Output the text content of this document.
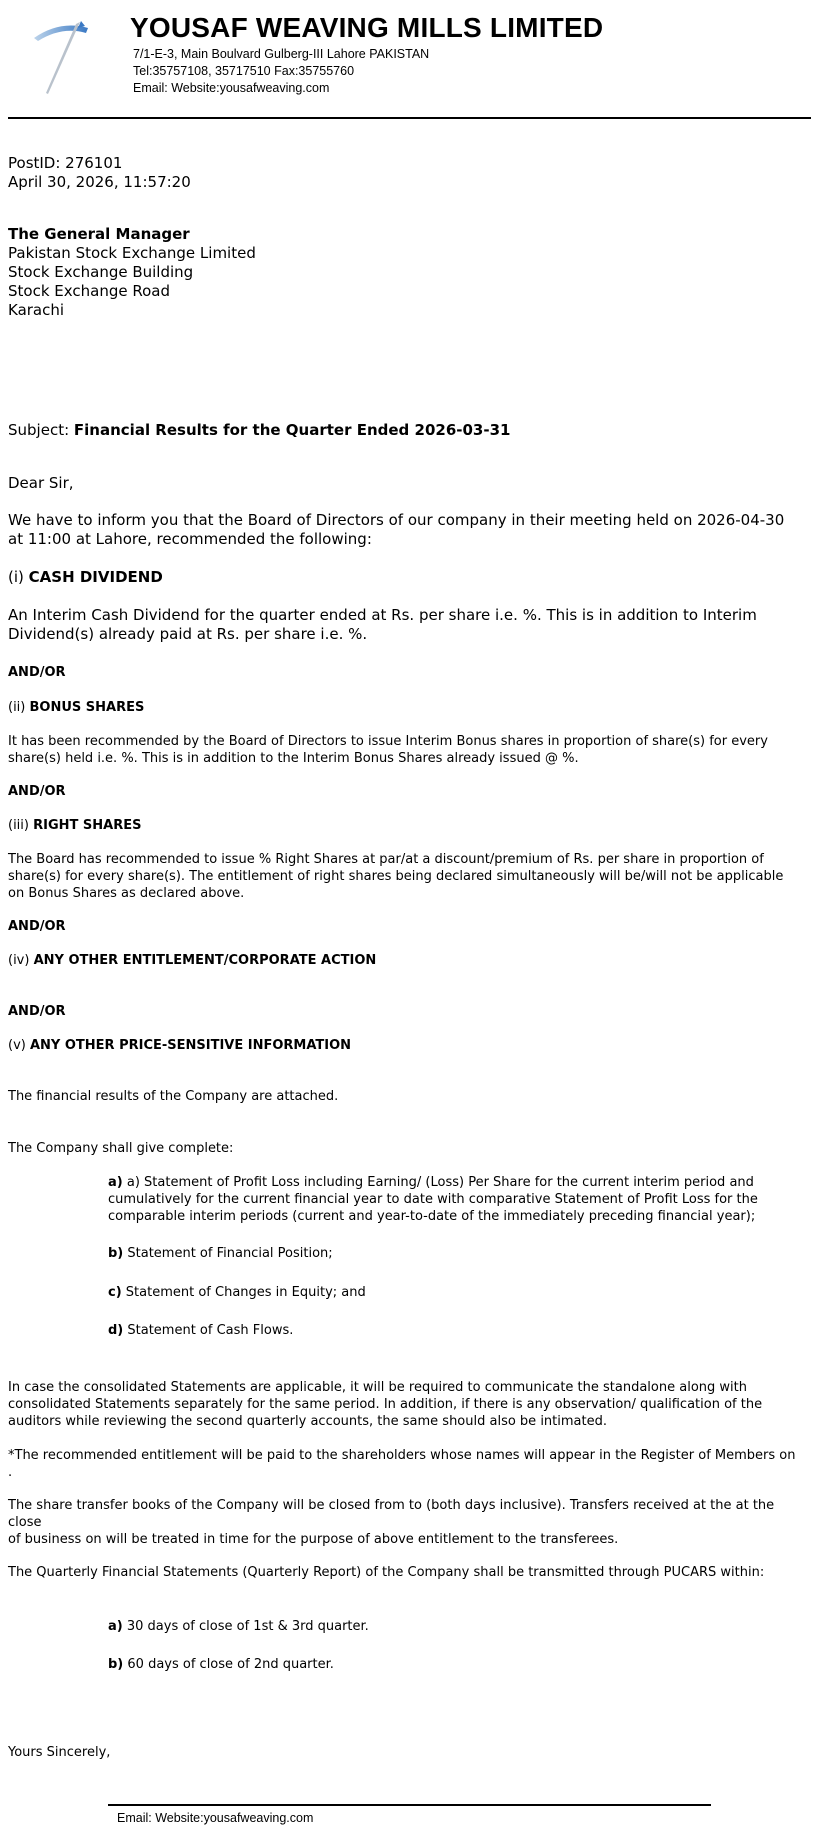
YOUSAF WEAVING MILLS LIMITED
7/1-E-3, Main Boulvard Gulberg-III Lahore PAKISTAN
Tel:35757108, 35717510 Fax:35755760
Email: Website:yousafweaving.com
PostID: 276101
April 30, 2026, 11:57:20
The General Manager
Pakistan Stock Exchange Limited
Stock Exchange Building
Stock Exchange Road
Karachi
Subject: Financial Results for the Quarter Ended 2026-03-31
Dear Sir,
We have to inform you that the Board of Directors of our company in their meeting held on 2026-04-30 at 11:00 at Lahore, recommended the following:
(i) CASH DIVIDEND
An Interim Cash Dividend for the quarter ended at Rs. per share i.e. %. This is in addition to Interim Dividend(s) already paid at Rs. per share i.e. %.
AND/OR
(ii) BONUS SHARES
It has been recommended by the Board of Directors to issue Interim Bonus shares in proportion of share(s) for every share(s) held i.e. %. This is in addition to the Interim Bonus Shares already issued @ %.
AND/OR
(iii) RIGHT SHARES
The Board has recommended to issue % Right Shares at par/at a discount/premium of Rs. per share in proportion of share(s) for every share(s). The entitlement of right shares being declared simultaneously will be/will not be applicable on Bonus Shares as declared above.
AND/OR
(iv) ANY OTHER ENTITLEMENT/CORPORATE ACTION
AND/OR
(v) ANY OTHER PRICE-SENSITIVE INFORMATION
The financial results of the Company are attached.
The Company shall give complete:
a) a) Statement of Profit Loss including Earning/ (Loss) Per Share for the current interim period and cumulatively for the current financial year to date with comparative Statement of Profit Loss for the comparable interim periods (current and year-to-date of the immediately preceding financial year);
b) Statement of Financial Position;
c) Statement of Changes in Equity; and
d) Statement of Cash Flows.
In case the consolidated Statements are applicable, it will be required to communicate the standalone along with consolidated Statements separately for the same period. In addition, if there is any observation/ qualification of the auditors while reviewing the second quarterly accounts, the same should also be intimated.
*The recommended entitlement will be paid to the shareholders whose names will appear in the Register of Members on .
The share transfer books of the Company will be closed from to (both days inclusive). Transfers received at the at the close
of business on will be treated in time for the purpose of above entitlement to the transferees.
The Quarterly Financial Statements (Quarterly Report) of the Company shall be transmitted through PUCARS within:
a) 30 days of close of 1st & 3rd quarter.
b) 60 days of close of 2nd quarter.
Yours Sincerely,
Email: Website:yousafweaving.com
